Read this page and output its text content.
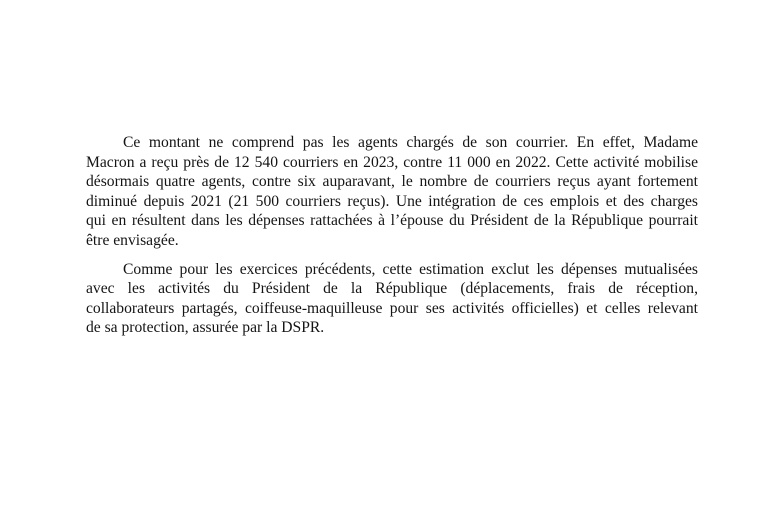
Ce montant ne comprend pas les agents chargés de son courrier. En effet, Madame
Macron a reçu près de 12 540 courriers en 2023, contre 11 000 en 2022. Cette activité mobilise
désormais quatre agents, contre six auparavant, le nombre de courriers reçus ayant fortement
diminué depuis 2021 (21 500 courriers reçus). Une intégration de ces emplois et des charges
qui en résultent dans les dépenses rattachées à l’épouse du Président de la République pourrait
être envisagée.
Comme pour les exercices précédents, cette estimation exclut les dépenses mutualisées
avec les activités du Président de la République (déplacements, frais de réception,
collaborateurs partagés, coiffeuse-maquilleuse pour ses activités officielles) et celles relevant
de sa protection, assurée par la DSPR.
